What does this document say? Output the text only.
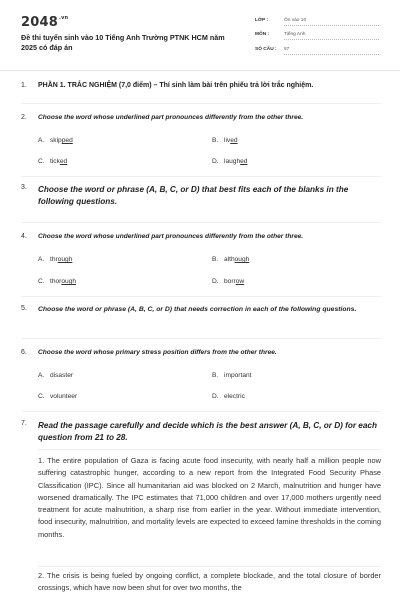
$2048^{.vn}$
Đề thi tuyển sinh vào 10 Tiếng Anh Trường PTNK HCM năm 2025 có đáp án
LỚP :	Ôn vào 10
MÔN :	Tiếng Anh
SỐ CÂU : 57
1. PHẦN 1. TRẮC NGHIỆM (7,0 điểm) – Thí sinh làm bài trên phiếu trả lời trắc nghiệm.
2. Choose the word whose underlined part pronounces differently from the other three.
A. skipped	B. lived
C. ticked	D. laughed
3. Choose the word or phrase (A, B, C, or D) that best fits each of the blanks in the following questions.
4. Choose the word whose underlined part pronounces differently from the other three.
A. through	B. although
C. thorough	D. borrow
5. Choose the word or phrase (A, B, C, or D) that needs correction in each of the following questions.
6. Choose the word whose primary stress position differs from the other three.
A. disaster	B. important
C. volunteer	D. electric
7. Read the passage carefully and decide which is the best answer (A, B, C, or D) for each question from 21 to 28.
1. The entire population of Gaza is facing acute food insecurity, with nearly half a million people now suffering catastrophic hunger, according to a new report from the Integrated Food Security Phase Classification (IPC). Since all humanitarian aid was blocked on 2 March, malnutrition and hunger have worsened dramatically. The IPC estimates that 71,000 children and over 17,000 mothers urgently need treatment for acute malnutrition, a sharp rise from earlier in the year. Without immediate intervention, food insecurity, malnutrition, and mortality levels are expected to exceed famine thresholds in the coming months.
2. The crisis is being fueled by ongoing conflict, a complete blockade, and the total closure of border crossings, which have now been shut for over two months, the
